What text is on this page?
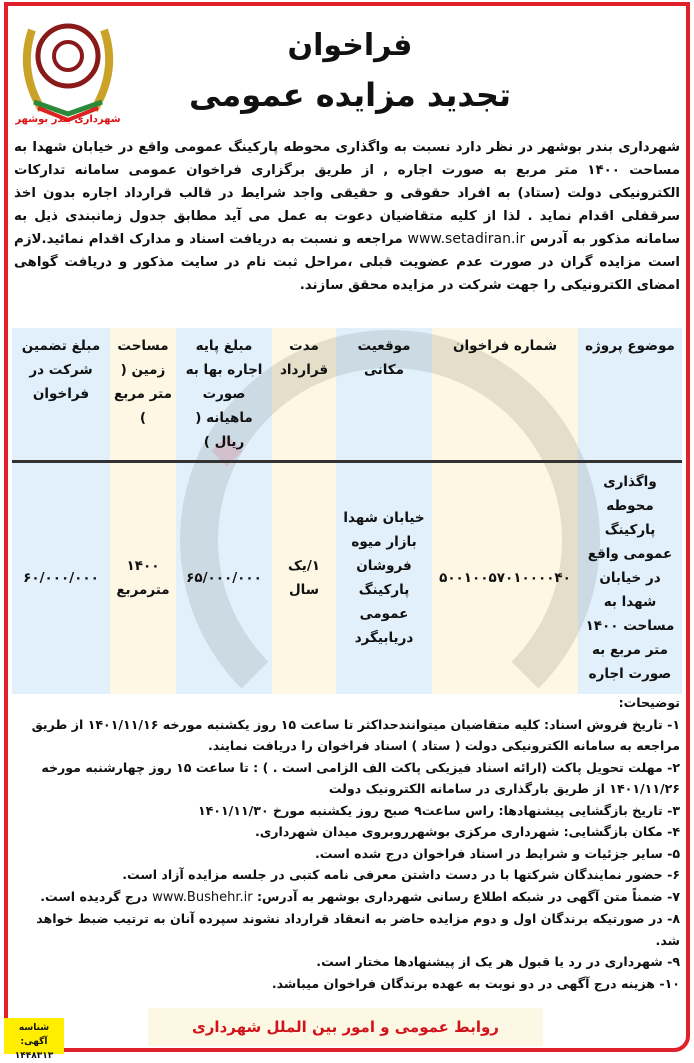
شهرداری بندر بوشهر
فراخوان
تجدید مزایده عمومی
شهرداری بندر بوشهر در نظر دارد نسبت به واگذاری محوطه پارکینگ عمومی واقع در خیابان شهدا به مساحت ۱۴۰۰ متر مربع به صورت اجاره , از طریق برگزاری فراخوان عمومی سامانه تدارکات الکترونیکی دولت (ستاد) به افراد حقوقی و حقیقی واجد شرایط در قالب قرارداد اجاره بدون اخذ سرقفلی اقدام نماید . لذا از کلیه متقاضیان دعوت به عمل می آید مطابق جدول زمانبندی ذیل به سامانه مذکور به آدرس www.setadiran.ir مراجعه و نسبت به دریافت اسناد و مدارک اقدام نمائید.لازم است مزایده گران در صورت عدم عضویت قبلی ،مراحل ثبت نام در سایت مذکور و دریافت گواهی امضای الکترونیکی را جهت شرکت در مزایده محقق سازند.
موضوع پروژه	شماره فراخوان	موقعیت مکانی	مدت قرارداد	مبلغ پایه اجاره بها به صورت ماهیانه ( ریال )	مساحت زمین ( متر مربع )	مبلغ تضمین شرکت در فراخوان
واگذاری محوطه پارکینگ عمومی واقع در خیابان شهدا به مساحت ۱۴۰۰ متر مربع به صورت اجاره	۵۰۰۱۰۰۵۷۰۱۰۰۰۰۴۰	خیابان شهدا بازار میوه فروشان پارکینگ عمومی دریابیگرد	۱/یک سال	۶۵/۰۰۰/۰۰۰	۱۴۰۰ مترمربع	۶۰/۰۰۰/۰۰۰
توضیحات:
۱- تاریخ فروش اسناد: کلیه متقاضیان میتوانندحداکثر تا ساعت ۱۵ روز یکشنبه مورخه ۱۴۰۱/۱۱/۱۶ از طریق مراجعه به سامانه الکترونیکی دولت ( ستاد ) اسناد فراخوان را دریافت نمایند.
۲- مهلت تحویل پاکت (ارائه اسناد فیزیکی پاکت الف الزامی است . ) : تا ساعت ۱۵ روز چهارشنبه مورخه ۱۴۰۱/۱۱/۲۶ از طریق بارگذاری در سامانه الکترونیک دولت
۳- تاریخ بازگشایی پیشنهادها: راس ساعت۹ صبح روز یکشنبه مورخ ۱۴۰۱/۱۱/۳۰
۴- مکان بازگشایی: شهرداری مرکزی بوشهرروبروی میدان شهرداری.
۵- سایر جزئیات و شرایط در اسناد فراخوان درج شده است.
۶- حضور نمایندگان شرکتها با در دست داشتن معرفی نامه کتبی در جلسه مزایده آزاد است.
۷- ضمناً متن آگهی در شبکه اطلاع رسانی شهرداری بوشهر به آدرس: www.Bushehr.ir درج گردیده است.
۸- در صورتیکه برندگان اول و دوم مزایده حاضر به انعقاد قرارداد نشوند سپرده آنان به ترتیب ضبط خواهد شد.
۹- شهرداری در رد یا قبول هر یک از پیشنهادها مختار است.
۱۰- هزینه درج آگهی در دو نوبت به عهده برندگان فراخوان میباشد.
روابط عمومی و امور بین الملل شهرداری
شناسه آگهی:
۱۴۴۸۳۱۳
